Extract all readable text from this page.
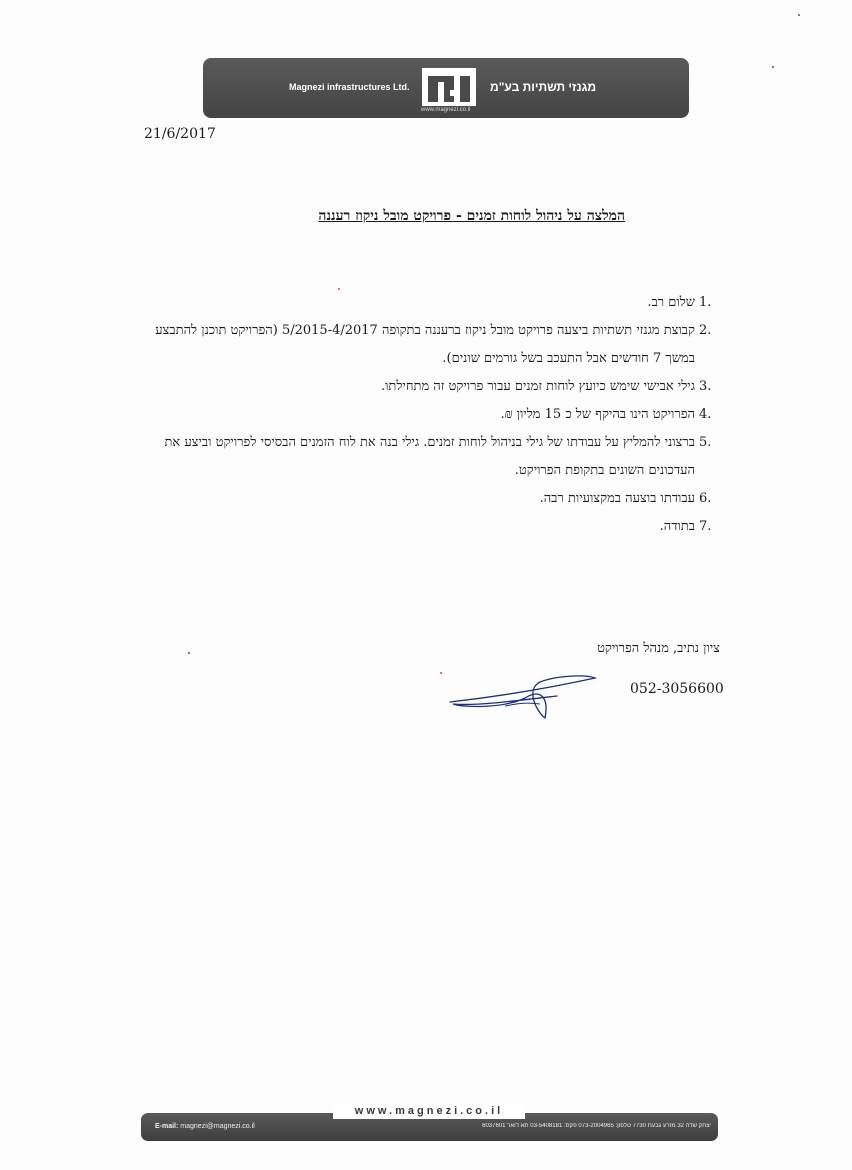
Magnezi infrastructures Ltd.	מגנזי תשתיות בע"מ
www.magnezi.co.il
21/6/2017
המלצה על ניהול לוחות זמנים - פרויקט מובל ניקוז רעננה
1.
שלום רב.
2.
קבוצת מגנזי תשתיות ביצעה פרויקט מובל ניקוז ברעננה בתקופה 5/2015-4/2017 (הפרויקט תוכנן להתבצע במשך 7 חודשים אבל התעכב בשל גורמים שונים).
3.
גילי אבישי שימש כיועץ לוחות זמנים עבור פרויקט זה מתחילתו.
4.
הפרויקט הינו בהיקף של כ 15 מליון ₪.
5.
ברצוני להמליץ על עבודתו של גילי בניהול לוחות זמנים. גילי בנה את לוח הזמנים הבסיסי לפרויקט וביצע את העדכונים השונים בתקופת הפרויקט.
6.
עבודתו בוצעה במקצועיות רבה.
7.
בתודה.
ציון נתיב, מנהל הפרויקט
052-3056600
E-mail: magnezi@magnezi.co.il	יצחק שדה 32 מזרע גבעת 7730 טלפון: 073-2004965 פקס: 03-5408181 תא דואר 6037601
www.magnezi.co.il
